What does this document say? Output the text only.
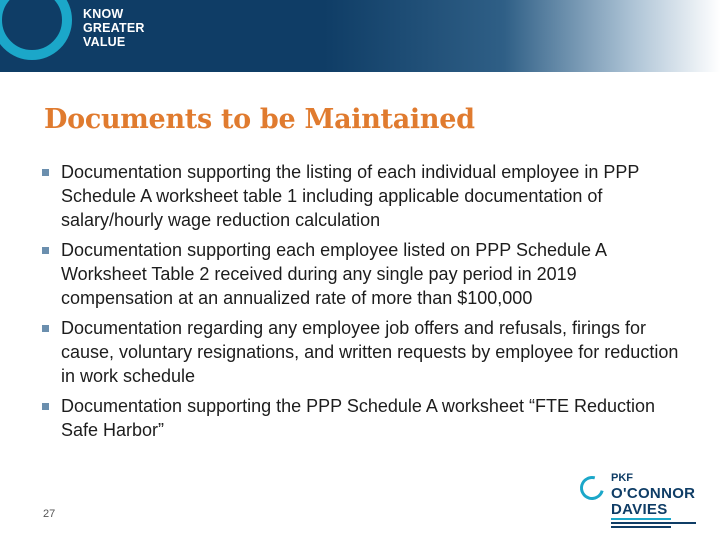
KNOW
GREATER
VALUE
Documents to be Maintained
Documentation supporting the listing of each individual employee in PPP Schedule A worksheet table 1 including applicable documentation of salary/hourly wage reduction calculation
Documentation supporting each employee listed on PPP Schedule A Worksheet Table 2 received during any single pay period in 2019 compensation at an annualized rate of more than $100,000
Documentation regarding any employee job offers and refusals, firings for cause, voluntary resignations, and written requests by employee for reduction in work schedule
Documentation supporting the PPP Schedule A worksheet “FTE Reduction Safe Harbor”
27
PKF
O'CONNOR
DAVIES
